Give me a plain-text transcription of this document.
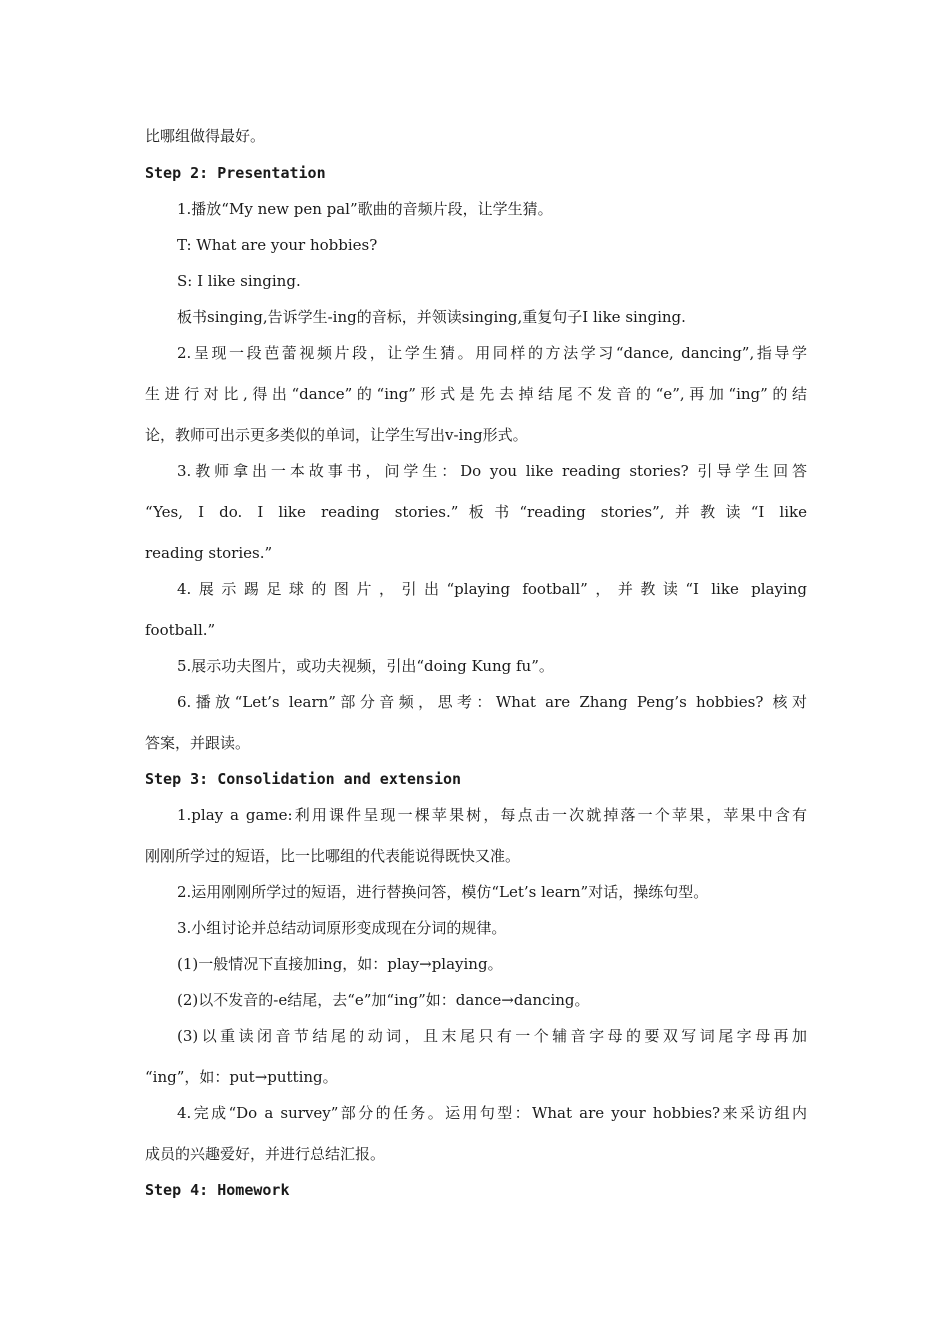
比哪组做得最好。
Step 2: Presentation
1.播放“My new pen pal”歌曲的音频片段，让学生猜。
T: What are your hobbies?
S: I like singing.
板书singing,告诉学生-ing的音标，并领读singing,重复句子I like singing.
2.呈现一段芭蕾视频片段，让学生猜。用同样的方法学习“dance, dancing”,指导学
生进行对比,得出“dance”的“ing”形式是先去掉结尾不发音的“e”,再加“ing”的结
论，教师可出示更多类似的单词，让学生写出v-ing形式。
3.教师拿出一本故事书，问学生：Do you like reading stories? 引导学生回答
“Yes, I do. I like reading stories.”板书“reading stories”,并教读“I like
reading stories.”
4.展示踢足球的图片，引出“playing football”，并教读“I like playing
football.”
5.展示功夫图片，或功夫视频，引出“doing Kung fu”。
6.播放“Let’s learn”部分音频，思考：What are Zhang Peng’s hobbies? 核对
答案，并跟读。
Step 3: Consolidation and extension
1.play a game:利用课件呈现一棵苹果树，每点击一次就掉落一个苹果，苹果中含有
刚刚所学过的短语，比一比哪组的代表能说得既快又准。
2.运用刚刚所学过的短语，进行替换问答，模仿“Let’s learn”对话，操练句型。
3.小组讨论并总结动词原形变成现在分词的规律。
(1)一般情况下直接加ing，如：play→playing。
(2)以不发音的-e结尾，去“e”加“ing”如：dance→dancing。
(3)以重读闭音节结尾的动词，且末尾只有一个辅音字母的要双写词尾字母再加
“ing”，如：put→putting。
4.完成“Do a survey”部分的任务。运用句型：What are your hobbies?来采访组内
成员的兴趣爱好，并进行总结汇报。
Step 4: Homework
